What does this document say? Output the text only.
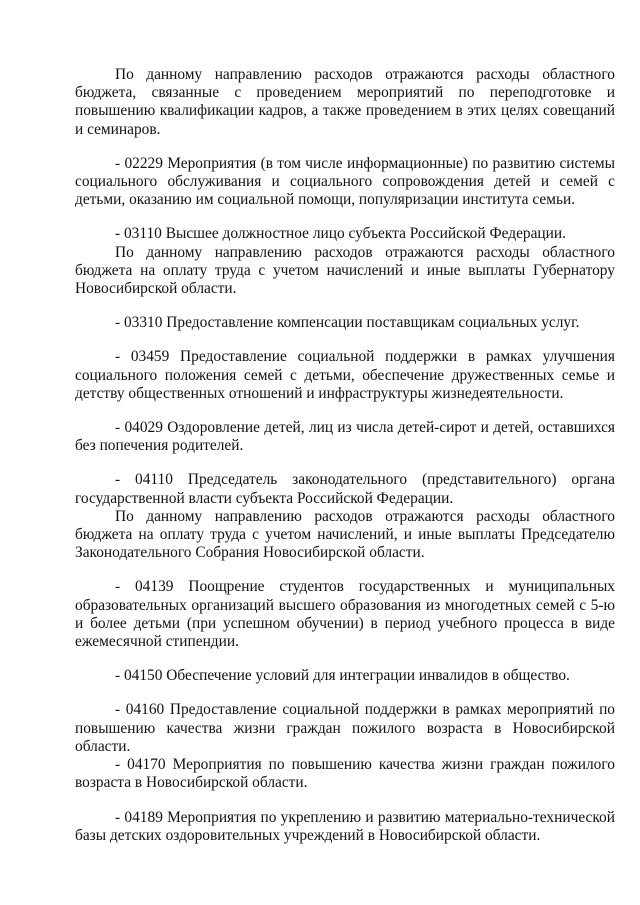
По данному направлению расходов отражаются расходы областного бюджета, связанные с проведением мероприятий по переподготовке и повышению квалификации кадров, а также проведением в этих целях совещаний и семинаров.

- 02229 Мероприятия (в том числе информационные) по развитию системы социального обслуживания и социального сопровождения детей и семей с детьми, оказанию им социальной помощи, популяризации института семьи.

- 03110 Высшее должностное лицо субъекта Российской Федерации.

По данному направлению расходов отражаются расходы областного бюджета на оплату труда с учетом начислений и иные выплаты Губернатору Новосибирской области.

- 03310 Предоставление компенсации поставщикам социальных услуг.

- 03459 Предоставление социальной поддержки в рамках улучшения социального положения семей с детьми, обеспечение дружественных семье и детству общественных отношений и инфраструктуры жизнедеятельности.

- 04029 Оздоровление детей, лиц из числа детей-сирот и детей, оставшихся без попечения родителей.

- 04110 Председатель законодательного (представительного) органа государственной власти субъекта Российской Федерации.

По данному направлению расходов отражаются расходы областного бюджета на оплату труда с учетом начислений, и иные выплаты Председателю Законодательного Собрания Новосибирской области.

- 04139 Поощрение студентов государственных и муниципальных образовательных организаций высшего образования из многодетных семей с 5-ю и более детьми (при успешном обучении) в период учебного процесса в виде ежемесячной стипендии.

- 04150 Обеспечение условий для интеграции инвалидов в общество.

- 04160 Предоставление социальной поддержки в рамках мероприятий по повышению качества жизни граждан пожилого возраста в Новосибирской области.

- 04170 Мероприятия по повышению качества жизни граждан пожилого возраста в Новосибирской области.

- 04189 Мероприятия по укреплению и развитию материально-технической базы детских оздоровительных учреждений в Новосибирской области.
